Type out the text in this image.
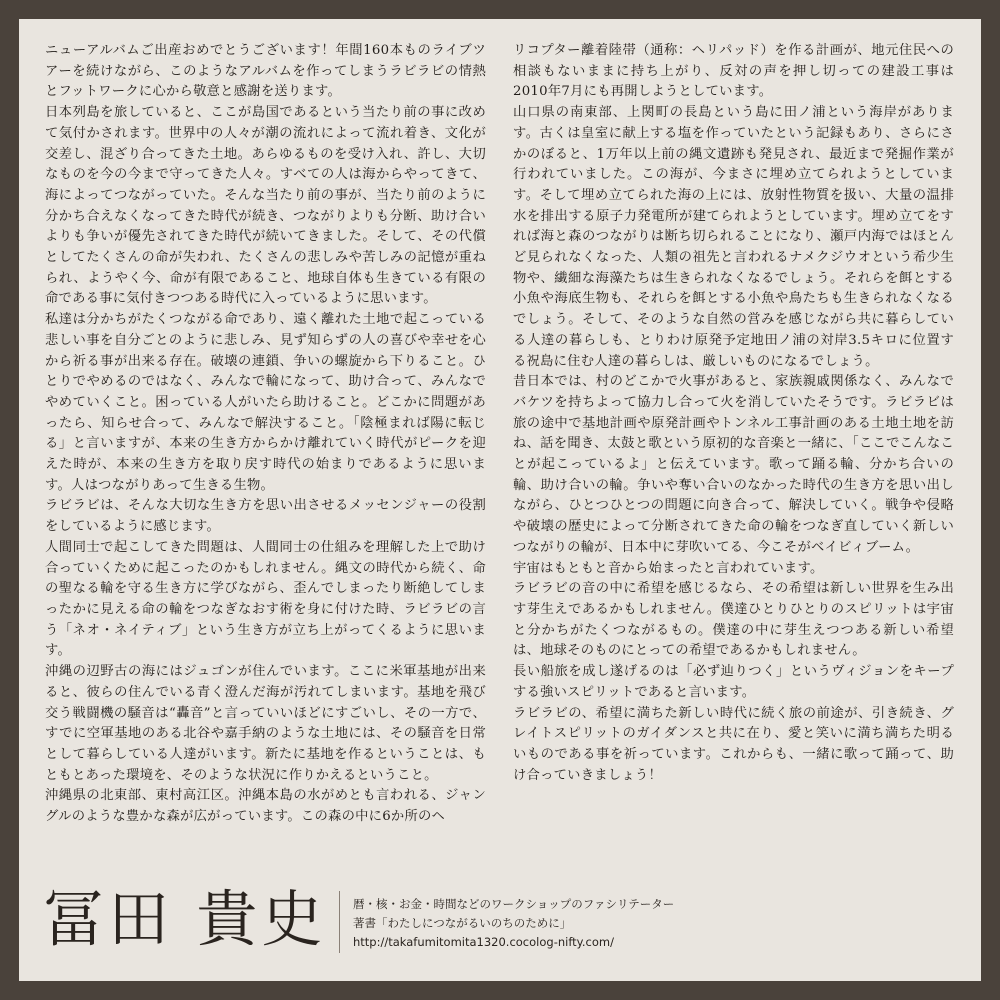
ニューアルバムご出産おめでとうございます！年間160本ものライブツアーを続けながら、このようなアルバムを作ってしまうラビラビの情熱とフットワークに心から敬意と感謝を送ります。

日本列島を旅していると、ここが島国であるという当たり前の事に改めて気付かされます。世界中の人々が潮の流れによって流れ着き、文化が交差し、混ざり合ってきた土地。あらゆるものを受け入れ、許し、大切なものを今の今まで守ってきた人々。すべての人は海からやってきて、海によってつながっていた。そんな当たり前の事が、当たり前のように分かち合えなくなってきた時代が続き、つながりよりも分断、助け合いよりも争いが優先されてきた時代が続いてきました。そして、その代償としてたくさんの命が失われ、たくさんの悲しみや苦しみの記憶が重ねられ、ようやく今、命が有限であること、地球自体も生きている有限の命である事に気付きつつある時代に入っているように思います。

私達は分かちがたくつながる命であり、遠く離れた土地で起こっている悲しい事を自分ごとのように悲しみ、見ず知らずの人の喜びや幸せを心から祈る事が出来る存在。破壊の連鎖、争いの螺旋から下りること。ひとりでやめるのではなく、みんなで輪になって、助け合って、みんなでやめていくこと。困っている人がいたら助けること。どこかに問題があったら、知らせ合って、みんなで解決すること。「陰極まれば陽に転じる」と言いますが、本来の生き方からかけ離れていく時代がピークを迎えた時が、本来の生き方を取り戻す時代の始まりであるように思います。人はつながりあって生きる生物。

ラビラビは、そんな大切な生き方を思い出させるメッセンジャーの役割をしているように感じます。

人間同士で起こしてきた問題は、人間同士の仕組みを理解した上で助け合っていくために起こったのかもしれません。縄文の時代から続く、命の聖なる輪を守る生き方に学びながら、歪んでしまったり断絶してしまったかに見える命の輪をつなぎなおす術を身に付けた時、ラビラビの言う「ネオ・ネイティブ」という生き方が立ち上がってくるように思います。

沖縄の辺野古の海にはジュゴンが住んでいます。ここに米軍基地が出来ると、彼らの住んでいる青く澄んだ海が汚れてしまいます。基地を飛び交う戦闘機の騒音は“轟音”と言っていいほどにすごいし、その一方で、すでに空軍基地のある北谷や嘉手納のような土地には、その騒音を日常として暮らしている人達がいます。新たに基地を作るということは、もともとあった環境を、そのような状況に作りかえるということ。

沖縄県の北東部、東村高江区。沖縄本島の水がめとも言われる、ジャングルのような豊かな森が広がっています。この森の中に6か所のヘ

リコプター離着陸帯（通称：ヘリパッド）を作る計画が、地元住民への相談もないままに持ち上がり、反対の声を押し切っての建設工事は2010年7月にも再開しようとしています。

山口県の南東部、上関町の長島という島に田ノ浦という海岸があります。古くは皇室に献上する塩を作っていたという記録もあり、さらにさかのぼると、1万年以上前の縄文遺跡も発見され、最近まで発掘作業が行われていました。この海が、今まさに埋め立てられようとしています。そして埋め立てられた海の上には、放射性物質を扱い、大量の温排水を排出する原子力発電所が建てられようとしています。埋め立てをすれば海と森のつながりは断ち切られることになり、瀬戸内海ではほとんど見られなくなった、人類の祖先と言われるナメクジウオという希少生物や、繊細な海藻たちは生きられなくなるでしょう。それらを餌とする小魚や海底生物も、それらを餌とする小魚や鳥たちも生きられなくなるでしょう。そして、そのような自然の営みを感じながら共に暮らしている人達の暮らしも、とりわけ原発予定地田ノ浦の対岸3.5キロに位置する祝島に住む人達の暮らしは、厳しいものになるでしょう。

昔日本では、村のどこかで火事があると、家族親戚関係なく、みんなでバケツを持ちよって協力し合って火を消していたそうです。ラビラビは旅の途中で基地計画や原発計画やトンネル工事計画のある土地土地を訪ね、話を聞き、太鼓と歌という原初的な音楽と一緒に、「ここでこんなことが起こっているよ」と伝えています。歌って踊る輪、分かち合いの輪、助け合いの輪。争いや奪い合いのなかった時代の生き方を思い出しながら、ひとつひとつの問題に向き合って、解決していく。戦争や侵略や破壊の歴史によって分断されてきた命の輪をつなぎ直していく新しいつながりの輪が、日本中に芽吹いてる、今こそがベイビィブーム。

宇宙はもともと音から始まったと言われています。

ラビラビの音の中に希望を感じるなら、その希望は新しい世界を生み出す芽生えであるかもしれません。僕達ひとりひとりのスピリットは宇宙と分かちがたくつながるもの。僕達の中に芽生えつつある新しい希望は、地球そのものにとっての希望であるかもしれません。

長い船旅を成し遂げるのは「必ず辿りつく」というヴィジョンをキープする強いスピリットであると言います。

ラビラビの、希望に満ちた新しい時代に続く旅の前途が、引き続き、グレイトスピリットのガイダンスと共に在り、愛と笑いに満ち満ちた明るいものである事を祈っています。これからも、一緒に歌って踊って、助け合っていきましょう！

冨田 貴史 暦・核・お金・時間などのワークショップのファシリテーター
著書「わたしにつながるいのちのために」
http://takafumitomita1320.cocolog-nifty.com/
